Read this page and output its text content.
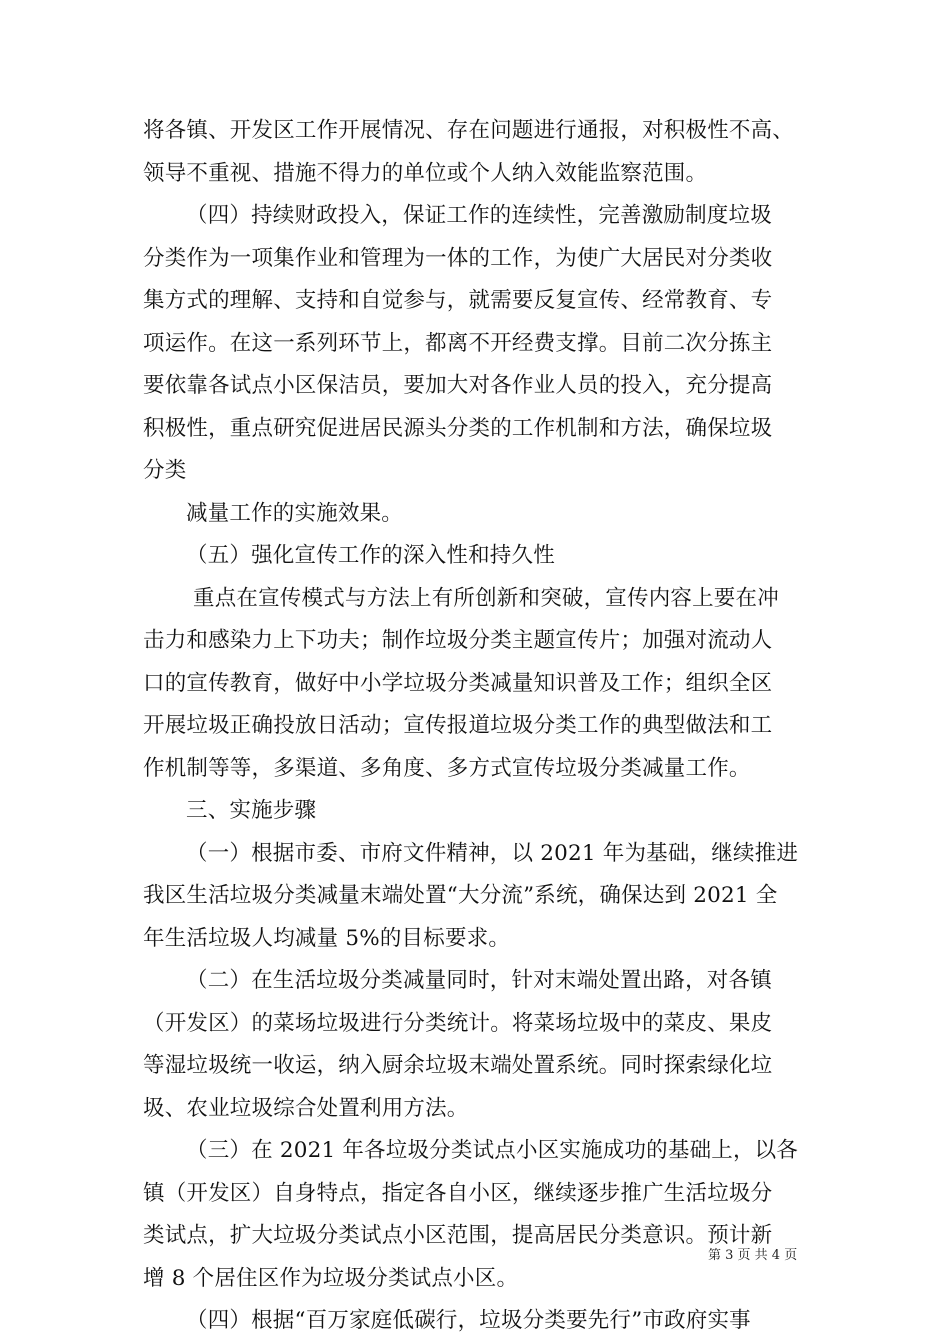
将各镇、开发区工作开展情况、存在问题进行通报，对积极性不高、
领导不重视、措施不得力的单位或个人纳入效能监察范围。
（四）持续财政投入，保证工作的连续性，完善激励制度垃圾
分类作为一项集作业和管理为一体的工作，为使广大居民对分类收
集方式的理解、支持和自觉参与，就需要反复宣传、经常教育、专
项运作。在这一系列环节上，都离不开经费支撑。目前二次分拣主
要依靠各试点小区保洁员，要加大对各作业人员的投入，充分提高
积极性，重点研究促进居民源头分类的工作机制和方法，确保垃圾
分类
减量工作的实施效果。
（五）强化宣传工作的深入性和持久性
重点在宣传模式与方法上有所创新和突破，宣传内容上要在冲
击力和感染力上下功夫；制作垃圾分类主题宣传片；加强对流动人
口的宣传教育，做好中小学垃圾分类减量知识普及工作；组织全区
开展垃圾正确投放日活动；宣传报道垃圾分类工作的典型做法和工
作机制等等，多渠道、多角度、多方式宣传垃圾分类减量工作。
三、实施步骤
（一）根据市委、市府文件精神，以 2021 年为基础，继续推进
我区生活垃圾分类减量末端处置“大分流”系统，确保达到 2021 全
年生活垃圾人均减量 5%的目标要求。
（二）在生活垃圾分类减量同时，针对末端处置出路，对各镇
（开发区）的菜场垃圾进行分类统计。将菜场垃圾中的菜皮、果皮
等湿垃圾统一收运，纳入厨余垃圾末端处置系统。同时探索绿化垃
圾、农业垃圾综合处置利用方法。
（三）在 2021 年各垃圾分类试点小区实施成功的基础上，以各
镇（开发区）自身特点，指定各自小区，继续逐步推广生活垃圾分
类试点，扩大垃圾分类试点小区范围，提高居民分类意识。预计新
增 8 个居住区作为垃圾分类试点小区。
（四）根据“百万家庭低碳行，垃圾分类要先行”市政府实事
第 3 页 共 4 页
